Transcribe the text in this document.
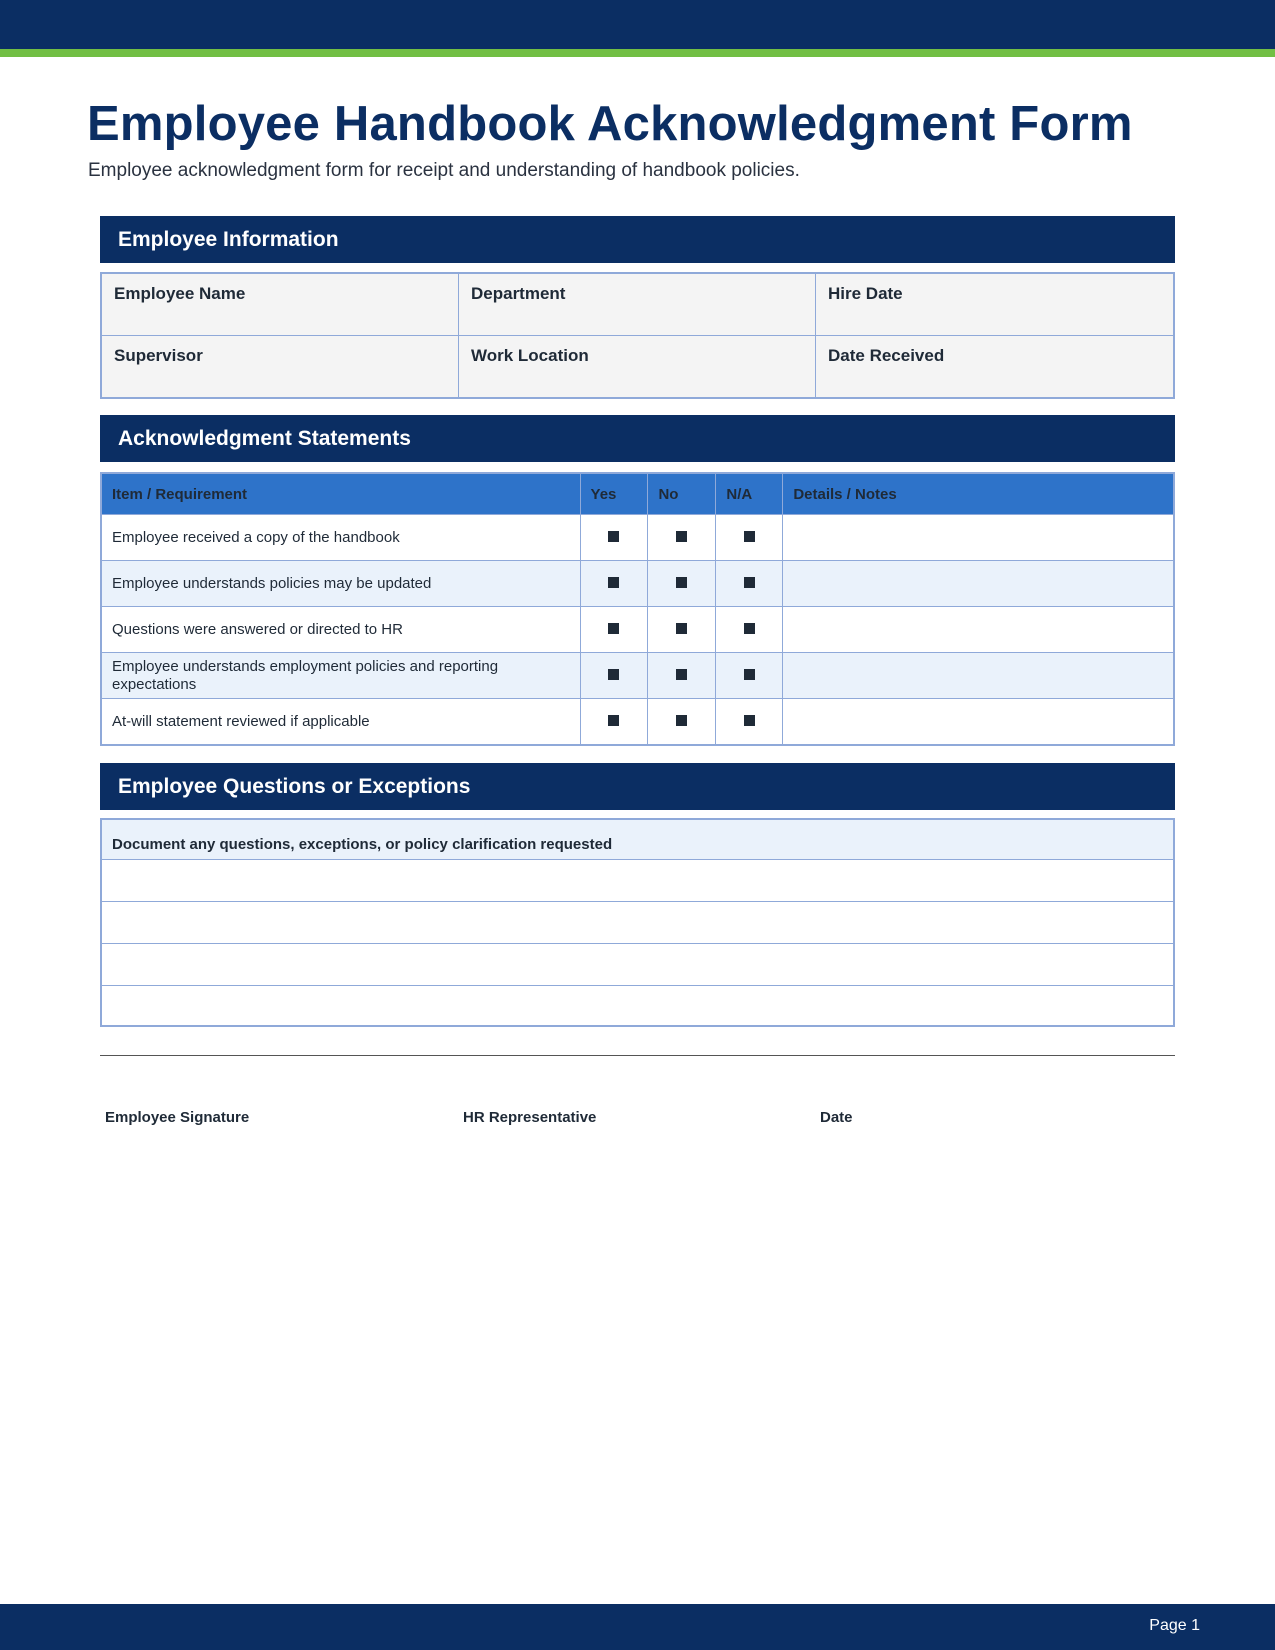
Employee Handbook Acknowledgment Form

Employee acknowledgment form for receipt and understanding of handbook policies.

Employee Information
Employee Name	Department	Hire Date
Supervisor	Work Location	Date Received
Acknowledgment Statements
Item / Requirement	Yes	No	N/A	Details / Notes
Employee received a copy of the handbook				
Employee understands policies may be updated				
Questions were answered or directed to HR				
Employee understands employment policies and reporting expectations				
At-will statement reviewed if applicable				
Employee Questions or Exceptions
Document any questions, exceptions, or policy clarification requested
Employee Signature	HR Representative	Date
Page 1
